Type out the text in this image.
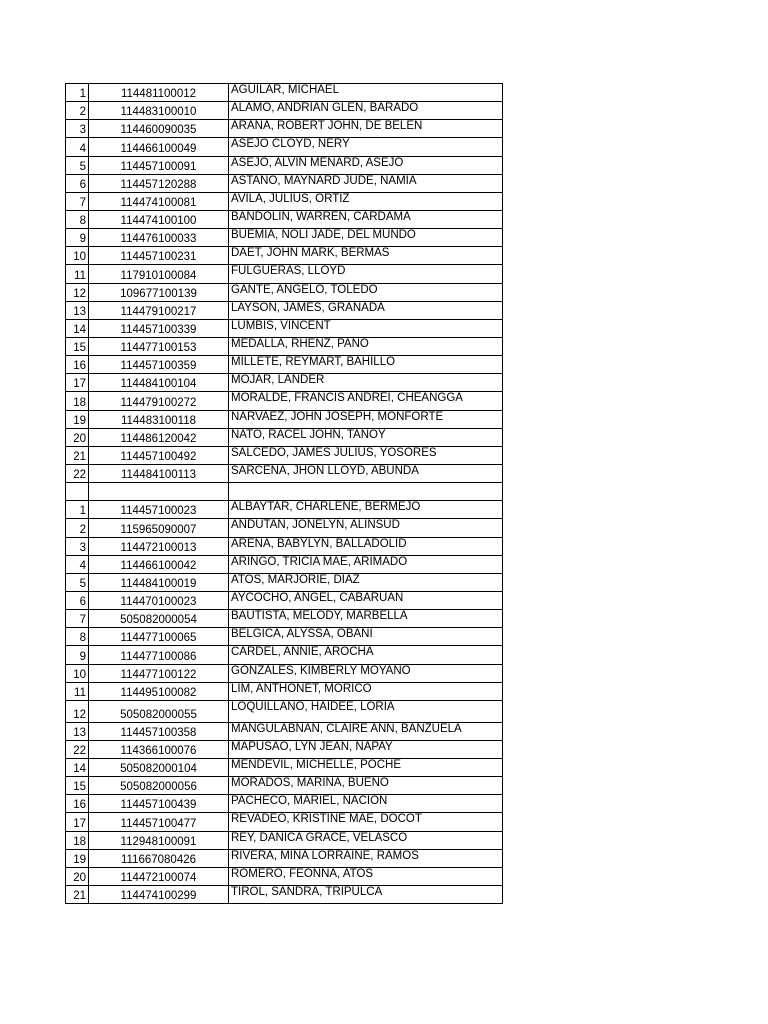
1	114481100012	AGUILAR, MICHAEL
2	114483100010	ALAMO, ANDRIAN GLEN, BARADO
3	114460090035	ARAÑA, ROBERT JOHN, DE BELEN
4	114466100049	ASEJO CLOYD, NERY
5	114457100091	ASEJO, ALVIN MENARD, ASEJO
6	114457120288	ASTAÑO, MAYNARD JUDE, NAMIA
7	114474100081	AVILA, JULIUS, ORTIZ
8	114474100100	BANDOLIN, WARREN, CARDAMA
9	114476100033	BUEMIA, NOLI JADE, DEL MUNDO
10	114457100231	DAET, JOHN MARK, BERMAS
11	117910100084	FULGUERAS, LLOYD
12	109677100139	GANTE, ANGELO, TOLEDO
13	114479100217	LAYSON, JAMES, GRANADA
14	114457100339	LUMBIS, VINCENT
15	114477100153	MEDALLA, RHENZ, PAÑO
16	114457100359	MILLETE, REYMART, BAHILLO
17	114484100104	MOJAR, LANDER
18	114479100272	MORALDE, FRANCIS ANDREI, CHEANGGA
19	114483100118	NARVAEZ, JOHN JOSEPH, MONFORTE
20	114486120042	NATO, RACEL JOHN, TANOY
21	114457100492	SALCEDO, JAMES JULIUS, YOSORES
22	114484100113	SARCENA, JHON LLOYD, ABUNDA

1	114457100023	ALBAYTAR, CHARLENE, BERMEJO
2	115965090007	ANDUTAN, JONELYN, ALINSUD
3	114472100013	ARENA, BABYLYN, BALLADOLID
4	114466100042	ARINGO, TRICIA MAE, ARIMADO
5	114484100019	ATOS, MARJORIE, DIAZ
6	114470100023	AYCOCHO, ANGEL, CABARUAN
7	505082000054	BAUTISTA, MELODY, MARBELLA
8	114477100065	BELGICA, ALYSSA, OBANI
9	114477100086	CARDEL, ANNIE, AROCHA
10	114477100122	GONZALES, KIMBERLY MOYANO
11	114495100082	LIM, ANTHONET, MORICO
12	505082000055	LOQUILLANO, HAIDEE, LORIA
13	114457100358	MANGULABNAN, CLAIRE ANN, BANZUELA
22	114366100076	MAPUSAO, LYN JEAN, NAPAY
14	505082000104	MENDEVIL, MICHELLE, POCHE
15	505082000056	MORADOS, MARINA, BUENO
16	114457100439	PACHECO, MARIEL, NACION
17	114457100477	REVADEO, KRISTINE MAE, DOCOT
18	112948100091	REY, DANICA GRACE, VELASCO
19	111667080426	RIVERA, MINA LORRAINE, RAMOS
20	114472100074	ROMERO, FEONNA, ATOS
21	114474100299	TIROL, SANDRA, TRIPULCA
